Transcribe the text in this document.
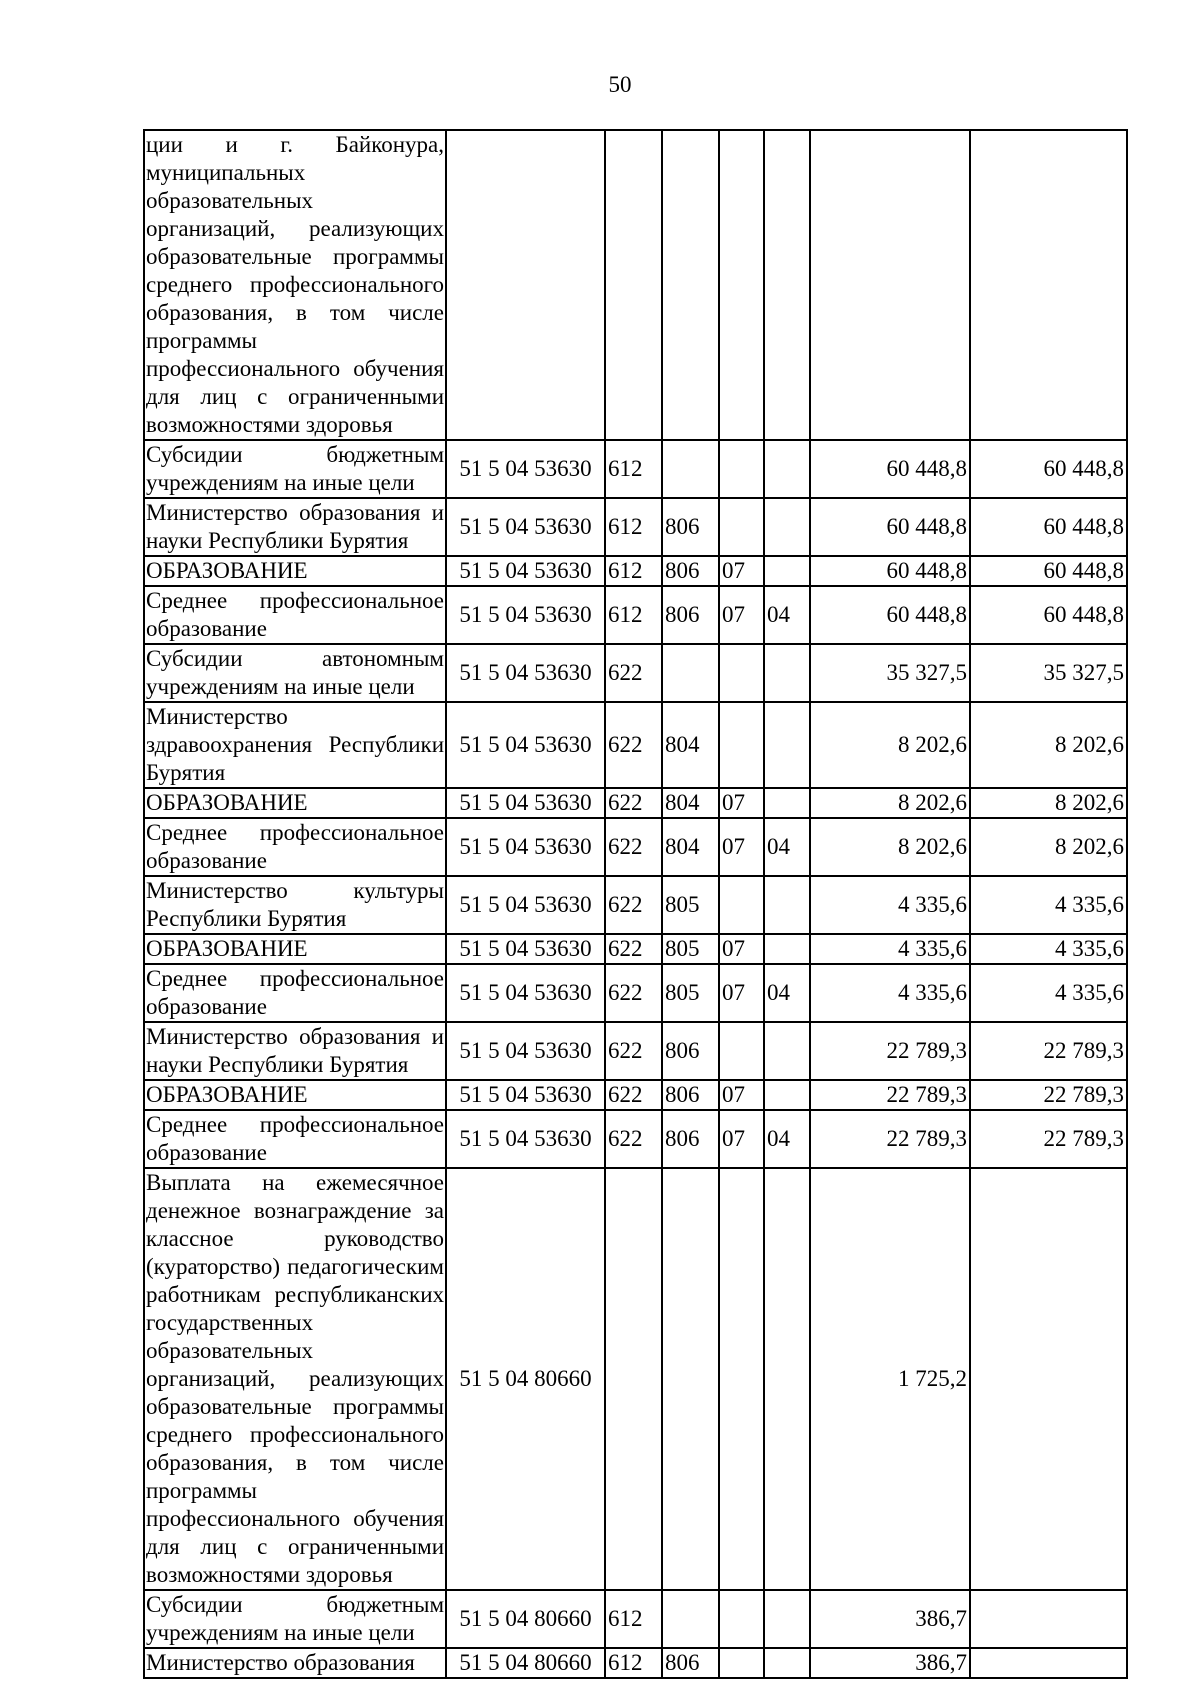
50
ции и г. Байконура, муниципальных образовательных организаций, реализующих образовательные программы среднего профессионального образования, в том числе программы профессионального обучения для лиц с ограниченными возможностями здоровья							
Субсидии бюджетным учреждениям на иные цели	51 5 04 53630	612				60 448,8	60 448,8
Министерство образования и науки Республики Бурятия	51 5 04 53630	612	806			60 448,8	60 448,8
ОБРАЗОВАНИЕ	51 5 04 53630	612	806	07		60 448,8	60 448,8
Среднее профессиональное образование	51 5 04 53630	612	806	07	04	60 448,8	60 448,8
Субсидии автономным учреждениям на иные цели	51 5 04 53630	622				35 327,5	35 327,5
Министерство здравоохранения Республики Бурятия	51 5 04 53630	622	804			8 202,6	8 202,6
ОБРАЗОВАНИЕ	51 5 04 53630	622	804	07		8 202,6	8 202,6
Среднее профессиональное образование	51 5 04 53630	622	804	07	04	8 202,6	8 202,6
Министерство культуры Республики Бурятия	51 5 04 53630	622	805			4 335,6	4 335,6
ОБРАЗОВАНИЕ	51 5 04 53630	622	805	07		4 335,6	4 335,6
Среднее профессиональное образование	51 5 04 53630	622	805	07	04	4 335,6	4 335,6
Министерство образования и науки Республики Бурятия	51 5 04 53630	622	806			22 789,3	22 789,3
ОБРАЗОВАНИЕ	51 5 04 53630	622	806	07		22 789,3	22 789,3
Среднее профессиональное образование	51 5 04 53630	622	806	07	04	22 789,3	22 789,3
Выплата на ежемесячное денежное вознаграждение за классное руководство (кураторство) педагогическим работникам республиканских государственных образовательных организаций, реализующих образовательные программы среднего профессионального образования, в том числе программы профессионального обучения для лиц с ограниченными возможностями здоровья	51 5 04 80660					1 725,2	
Субсидии бюджетным учреждениям на иные цели	51 5 04 80660	612				386,7	
Министерство образования	51 5 04 80660	612	806			386,7	
